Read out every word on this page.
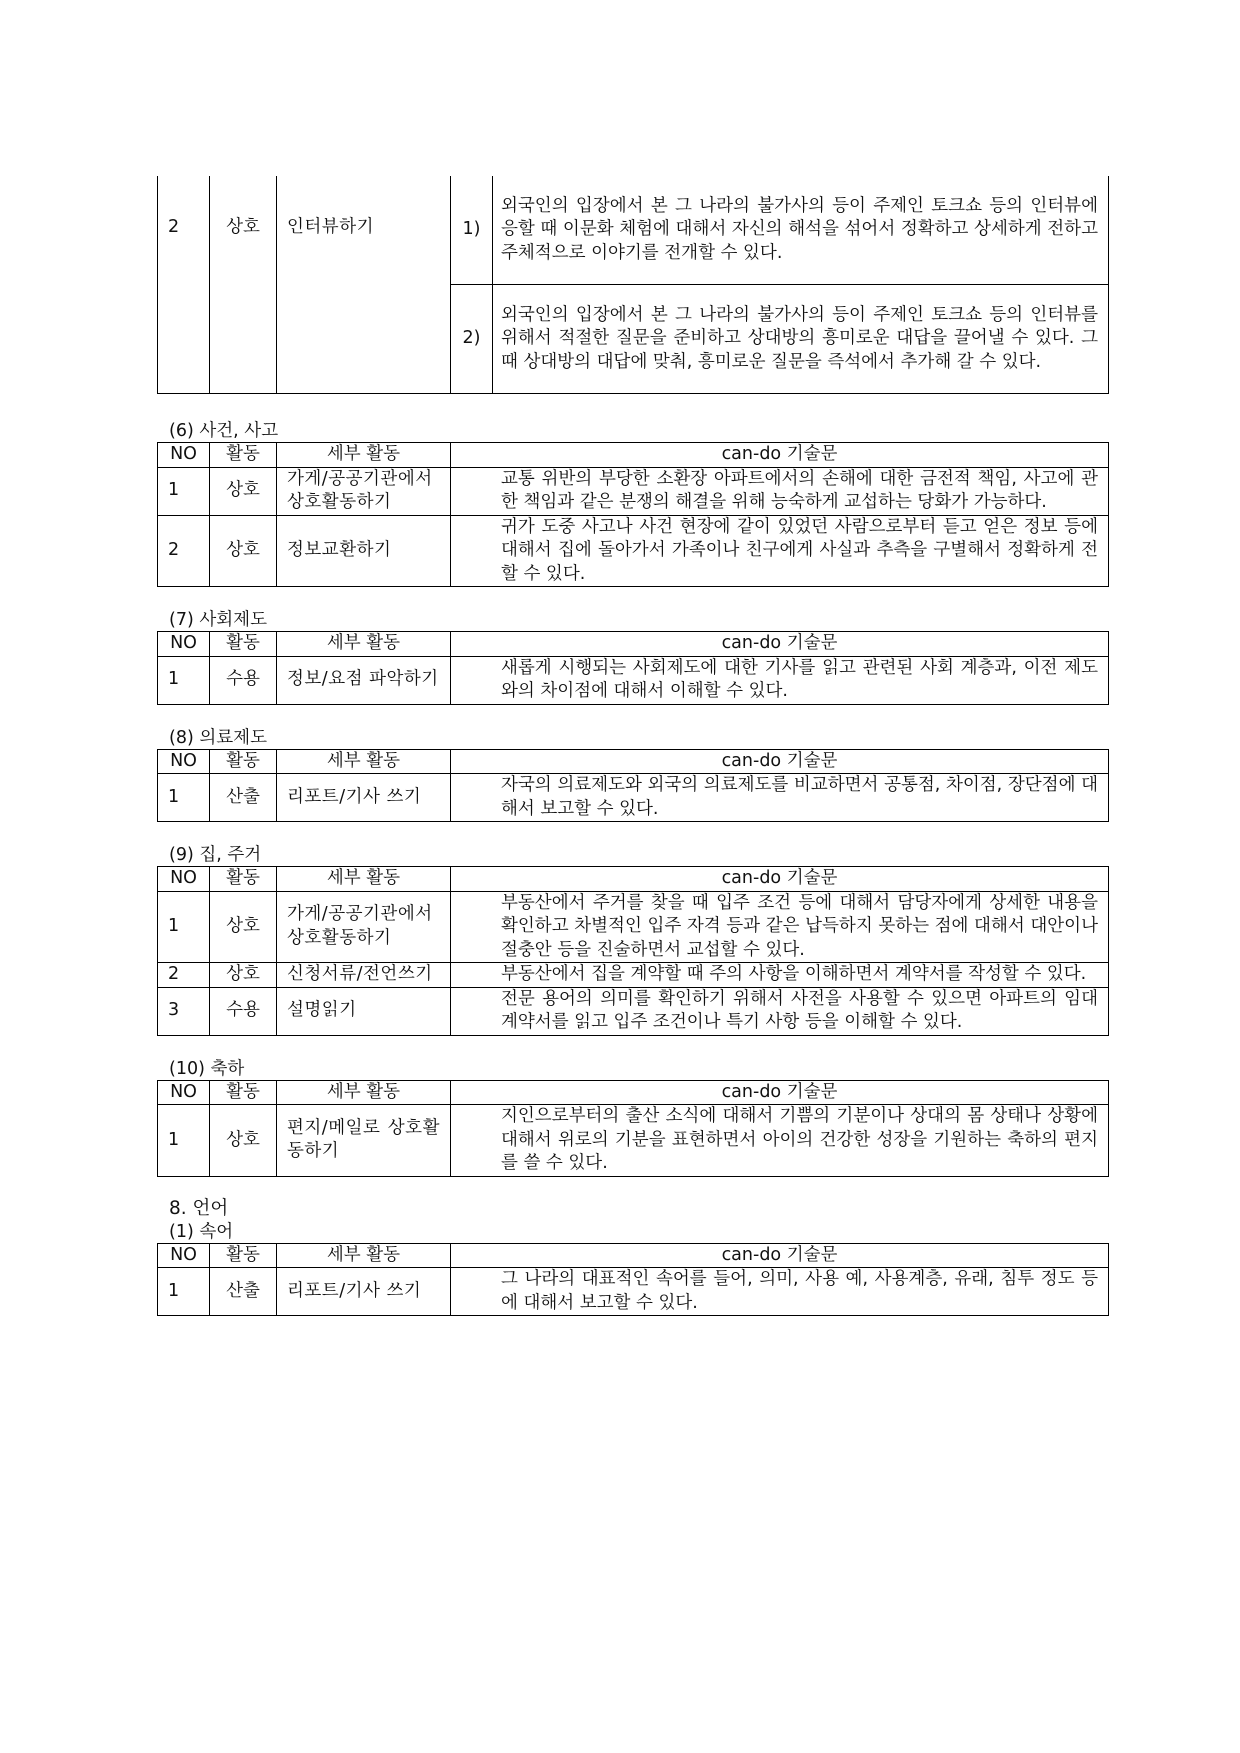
2	상호	인터뷰하기	1)	외국인의 입장에서 본 그 나라의 불가사의 등이 주제인 토크쇼 등의 인터뷰에 응할 때 이문화 체험에 대해서 자신의 해석을 섞어서 정확하고 상세하게 전하고 주체적으로 이야기를 전개할 수 있다.
			2)	외국인의 입장에서 본 그 나라의 불가사의 등이 주제인 토크쇼 등의 인터뷰를 위해서 적절한 질문을 준비하고 상대방의 흥미로운 대답을 끌어낼 수 있다. 그 때 상대방의 대답에 맞춰, 흥미로운 질문을 즉석에서 추가해 갈 수 있다.

(6) 사건, 사고

NO	활동	세부 활동	can-do 기술문
1	상호	가게/공공기관에서 상호활동하기	교통 위반의 부당한 소환장 아파트에서의 손해에 대한 금전적 책임, 사고에 관한 책임과 같은 분쟁의 해결을 위해 능숙하게 교섭하는 당화가 가능하다.
2	상호	정보교환하기	귀가 도중 사고나 사건 현장에 같이 있었던 사람으로부터 듣고 얻은 정보 등에 대해서 집에 돌아가서 가족이나 친구에게 사실과 추측을 구별해서 정확하게 전할 수 있다.

(7) 사회제도

NO	활동	세부 활동	can-do 기술문
1	수용	정보/요점 파악하기	새롭게 시행되는 사회제도에 대한 기사를 읽고 관련된 사회 계층과, 이전 제도와의 차이점에 대해서 이해할 수 있다.

(8) 의료제도

NO	활동	세부 활동	can-do 기술문
1	산출	리포트/기사 쓰기	자국의 의료제도와 외국의 의료제도를 비교하면서 공통점, 차이점, 장단점에 대해서 보고할 수 있다.

(9) 집, 주거

NO	활동	세부 활동	can-do 기술문
1	상호	가게/공공기관에서 상호활동하기	부동산에서 주거를 찾을 때 입주 조건 등에 대해서 담당자에게 상세한 내용을 확인하고 차별적인 입주 자격 등과 같은 납득하지 못하는 점에 대해서 대안이나 절충안 등을 진술하면서 교섭할 수 있다.
2	상호	신청서류/전언쓰기	부동산에서 집을 계약할 때 주의 사항을 이해하면서 계약서를 작성할 수 있다.
3	수용	설명읽기	전문 용어의 의미를 확인하기 위해서 사전을 사용할 수 있으면 아파트의 임대 계약서를 읽고 입주 조건이나 특기 사항 등을 이해할 수 있다.

(10) 축하

NO	활동	세부 활동	can-do 기술문
1	상호	편지/메일로 상호활동하기	지인으로부터의 출산 소식에 대해서 기쁨의 기분이나 상대의 몸 상태나 상황에 대해서 위로의 기분을 표현하면서 아이의 건강한 성장을 기원하는 축하의 편지를 쓸 수 있다.

8. 언어

(1) 속어

NO	활동	세부 활동	can-do 기술문
1	산출	리포트/기사 쓰기	그 나라의 대표적인 속어를 들어, 의미, 사용 예, 사용계층, 유래, 침투 정도 등에 대해서 보고할 수 있다.
